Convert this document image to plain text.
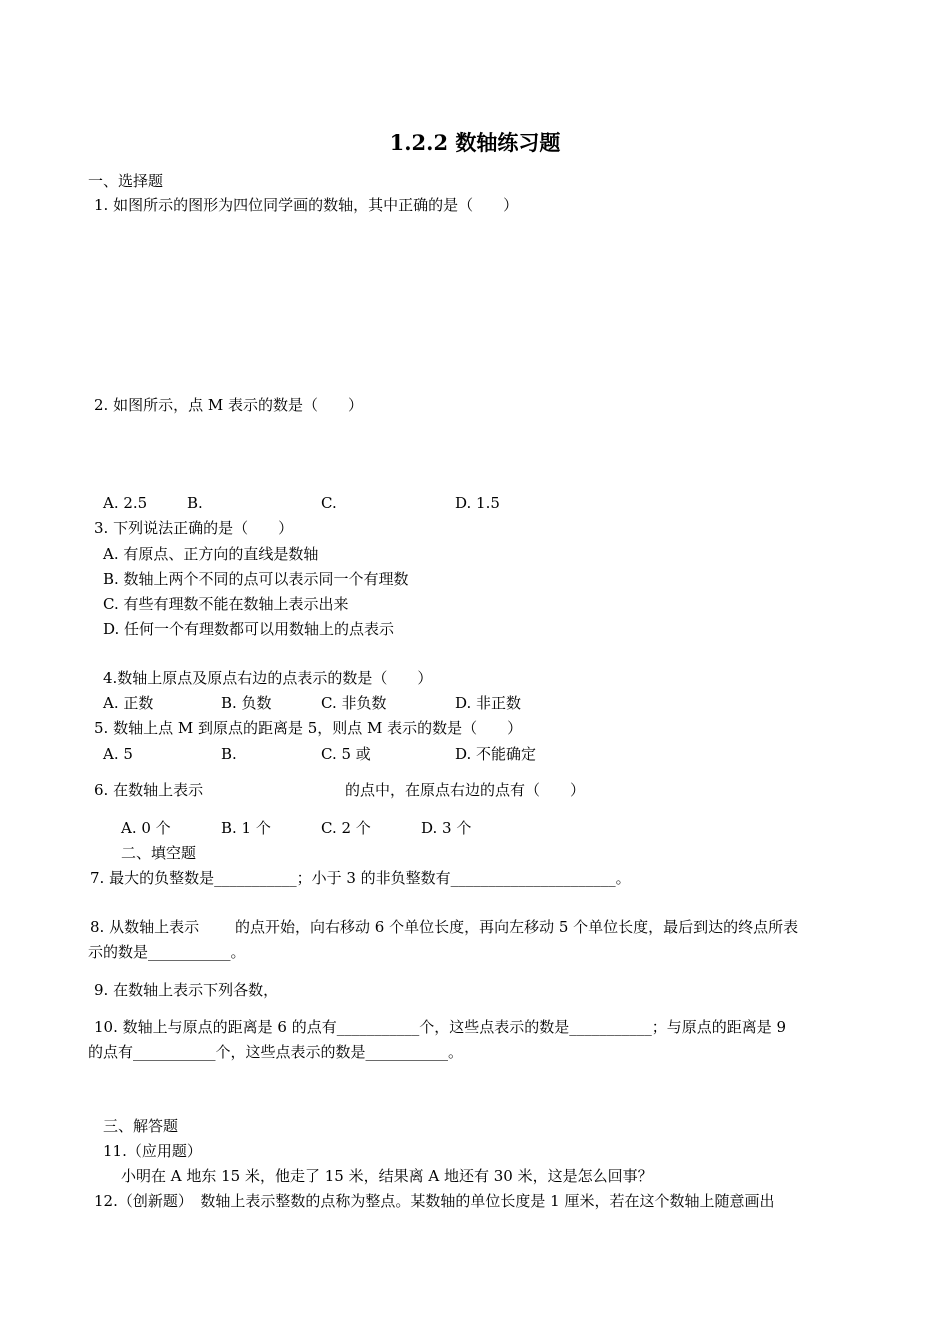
1.2.2 数轴练习题
一、选择题
1. 如图所示的图形为四位同学画的数轴，其中正确的是（　　）
2. 如图所示，点 M 表示的数是（　　）
A. 2.5	B.	C.	D. 1.5
3. 下列说法正确的是（　　）
A. 有原点、正方向的直线是数轴
B. 数轴上两个不同的点可以表示同一个有理数
C. 有些有理数不能在数轴上表示出来
D. 任何一个有理数都可以用数轴上的点表示
4.数轴上原点及原点右边的点表示的数是（　　）
A. 正数	B. 负数	C. 非负数	D. 非正数
5. 数轴上点 M 到原点的距离是 5，则点 M 表示的数是（　　）
A. 5	B.	C. 5 或	D. 不能确定
6. 在数轴上表示	的点中，在原点右边的点有（　　）
A. 0 个	B. 1 个	C. 2 个	D. 3 个
二、填空题
7. 最大的负整数是___________；小于 3 的非负整数有______________________。
8. 从数轴上表示 的点开始，向右移动 6 个单位长度，再向左移动 5 个单位长度，最后到达的终点所表
示的数是___________。
9. 在数轴上表示下列各数，
10. 数轴上与原点的距离是 6 的点有___________个，这些点表示的数是___________；与原点的距离是 9
的点有___________个，这些点表示的数是___________。
三、解答题
11.（应用题）
小明在 A 地东 15 米，他走了 15 米，结果离 A 地还有 30 米，这是怎么回事？
12.（创新题）　数轴上表示整数的点称为整点。某数轴的单位长度是 1 厘米，若在这个数轴上随意画出
